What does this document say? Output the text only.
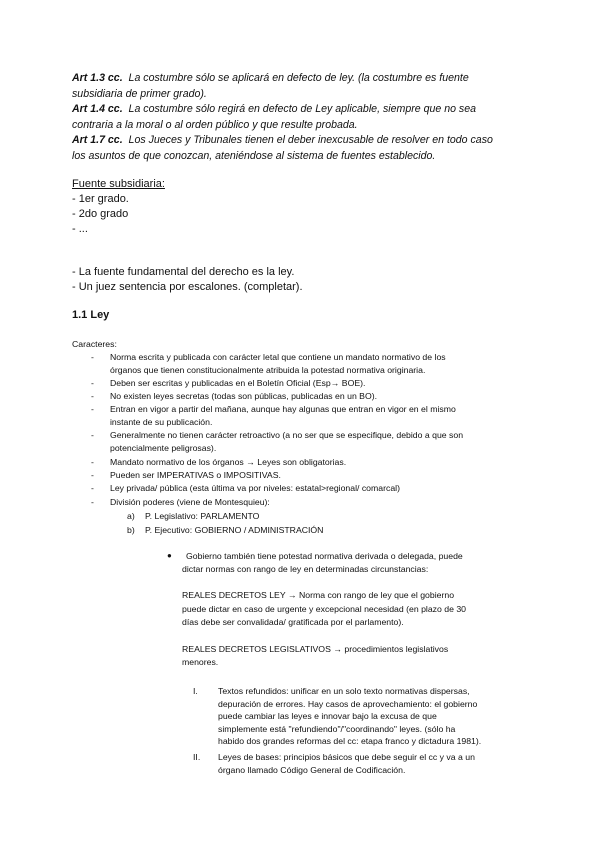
Art 1.3 cc. La costumbre sólo se aplicará en defecto de ley. (la costumbre es fuente
subsidiaria de primer grado).
Art 1.4 cc. La costumbre sólo regirá en defecto de Ley aplicable, siempre que no sea
contraria a la moral o al orden público y que resulte probada.
Art 1.7 cc. Los Jueces y Tribunales tienen el deber inexcusable de resolver en todo caso
los asuntos de que conozcan, ateniéndose al sistema de fuentes establecido.
Fuente subsidiaria:
- 1er grado.
- 2do grado
- ...
- La fuente fundamental del derecho es la ley.
- Un juez sentencia por escalones. (completar).
1.1 Ley
Caracteres:
- Norma escrita y publicada con carácter letal que contiene un mandato normativo de los
órganos que tienen constitucionalmente atribuida la potestad normativa originaria.
- Deben ser escritas y publicadas en el Boletín Oficial (Esp→ BOE).
- No existen leyes secretas (todas son públicas, publicadas en un BO).
- Entran en vigor a partir del mañana, aunque hay algunas que entran en vigor en el mismo
instante de su publicación.
- Generalmente no tienen carácter retroactivo (a no ser que se especifique, debido a que son
potencialmente peligrosas).
- Mandato normativo de los órganos → Leyes son obligatorias.
- Pueden ser IMPERATIVAS o IMPOSITIVAS.
- Ley privada/ pública (esta última va por niveles: estatal>regional/ comarcal)
- División poderes (viene de Montesquieu):
a) P. Legislativo: PARLAMENTO
b) P. Ejecutivo: GOBIERNO / ADMINISTRACIÓN
● Gobierno también tiene potestad normativa derivada o delegada, puede
dictar normas con rango de ley en determinadas circunstancias:
REALES DECRETOS LEY → Norma con rango de ley que el gobierno
puede dictar en caso de urgente y excepcional necesidad (en plazo de 30
días debe ser convalidada/ gratificada por el parlamento).
REALES DECRETOS LEGISLATIVOS → procedimientos legislativos
menores.
I. Textos refundidos: unificar en un solo texto normativas dispersas,
depuración de errores. Hay casos de aprovechamiento: el gobierno
puede cambiar las leyes e innovar bajo la excusa de que
simplemente está "refundiendo"/"coordinando" leyes. (sólo ha
habido dos grandes reformas del cc: etapa franco y dictadura 1981).
II. Leyes de bases: principios básicos que debe seguir el cc y va a un
órgano llamado Código General de Codificación.
